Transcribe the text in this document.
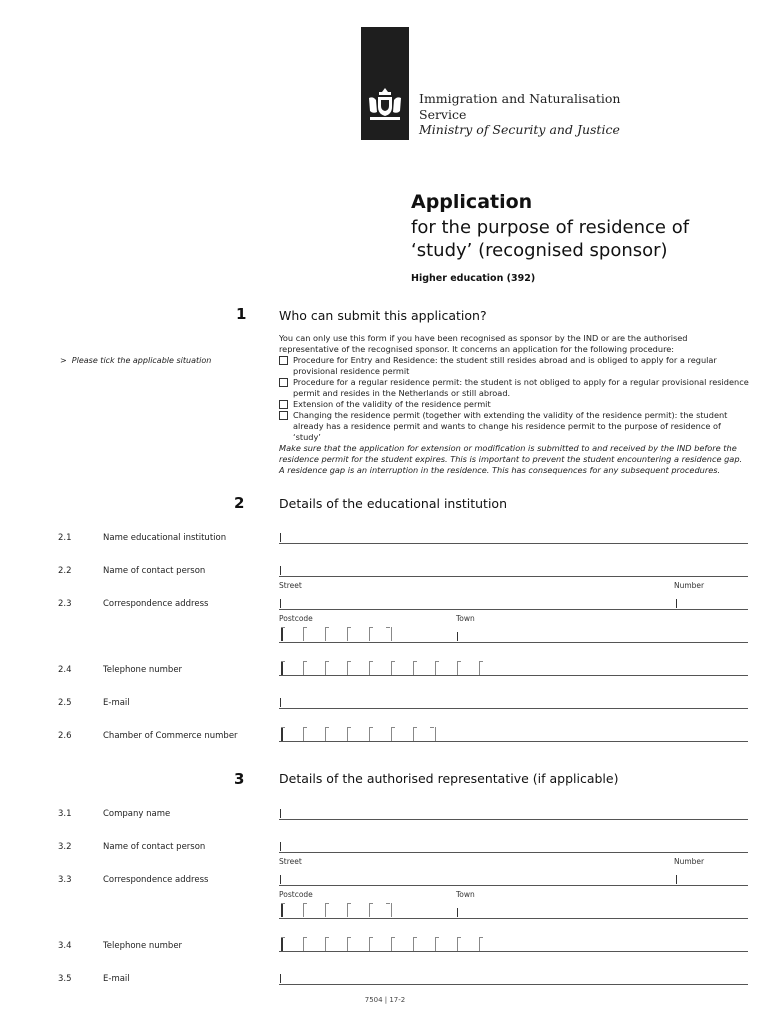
Immigration and Naturalisation
Service
Ministry of Security and Justice
Application
for the purpose of residence of
‘study’ (recognised sponsor)
Higher education (392)
1	Who can submit this application?
>  Please tick the applicable situation
You can only use this form if you have been recognised as sponsor by the IND or are the authorised representative of the recognised sponsor. It concerns an application for the following procedure:
Procedure for Entry and Residence: the student still resides abroad and is obliged to apply for a regular provisional residence permit
Procedure for a regular residence permit: the student is not obliged to apply for a regular provisional residence permit and resides in the Netherlands or still abroad.
Extension of the validity of the residence permit
Changing the residence permit (together with extending the validity of the residence permit): the student already has a residence permit and wants to change his residence permit to the purpose of residence of ‘study’
Make sure that the application for extension or modification is submitted to and received by the IND before the residence permit for the student expires. This is important to prevent the student encountering a residence gap. A residence gap is an interruption in the residence. This has consequences for any subsequent procedures.
2	Details of the educational institution
2.1	Name educational institution
2.2	Name of contact person
Street	Number
2.3	Correspondence address
Postcode	Town
2.4	Telephone number
2.5	E-mail
2.6	Chamber of Commerce number
3	Details of the authorised representative (if applicable)
3.1	Company name
3.2	Name of contact person
Street	Number
3.3	Correspondence address
Postcode	Town
3.4	Telephone number
3.5	E-mail
7504 | 17-2
